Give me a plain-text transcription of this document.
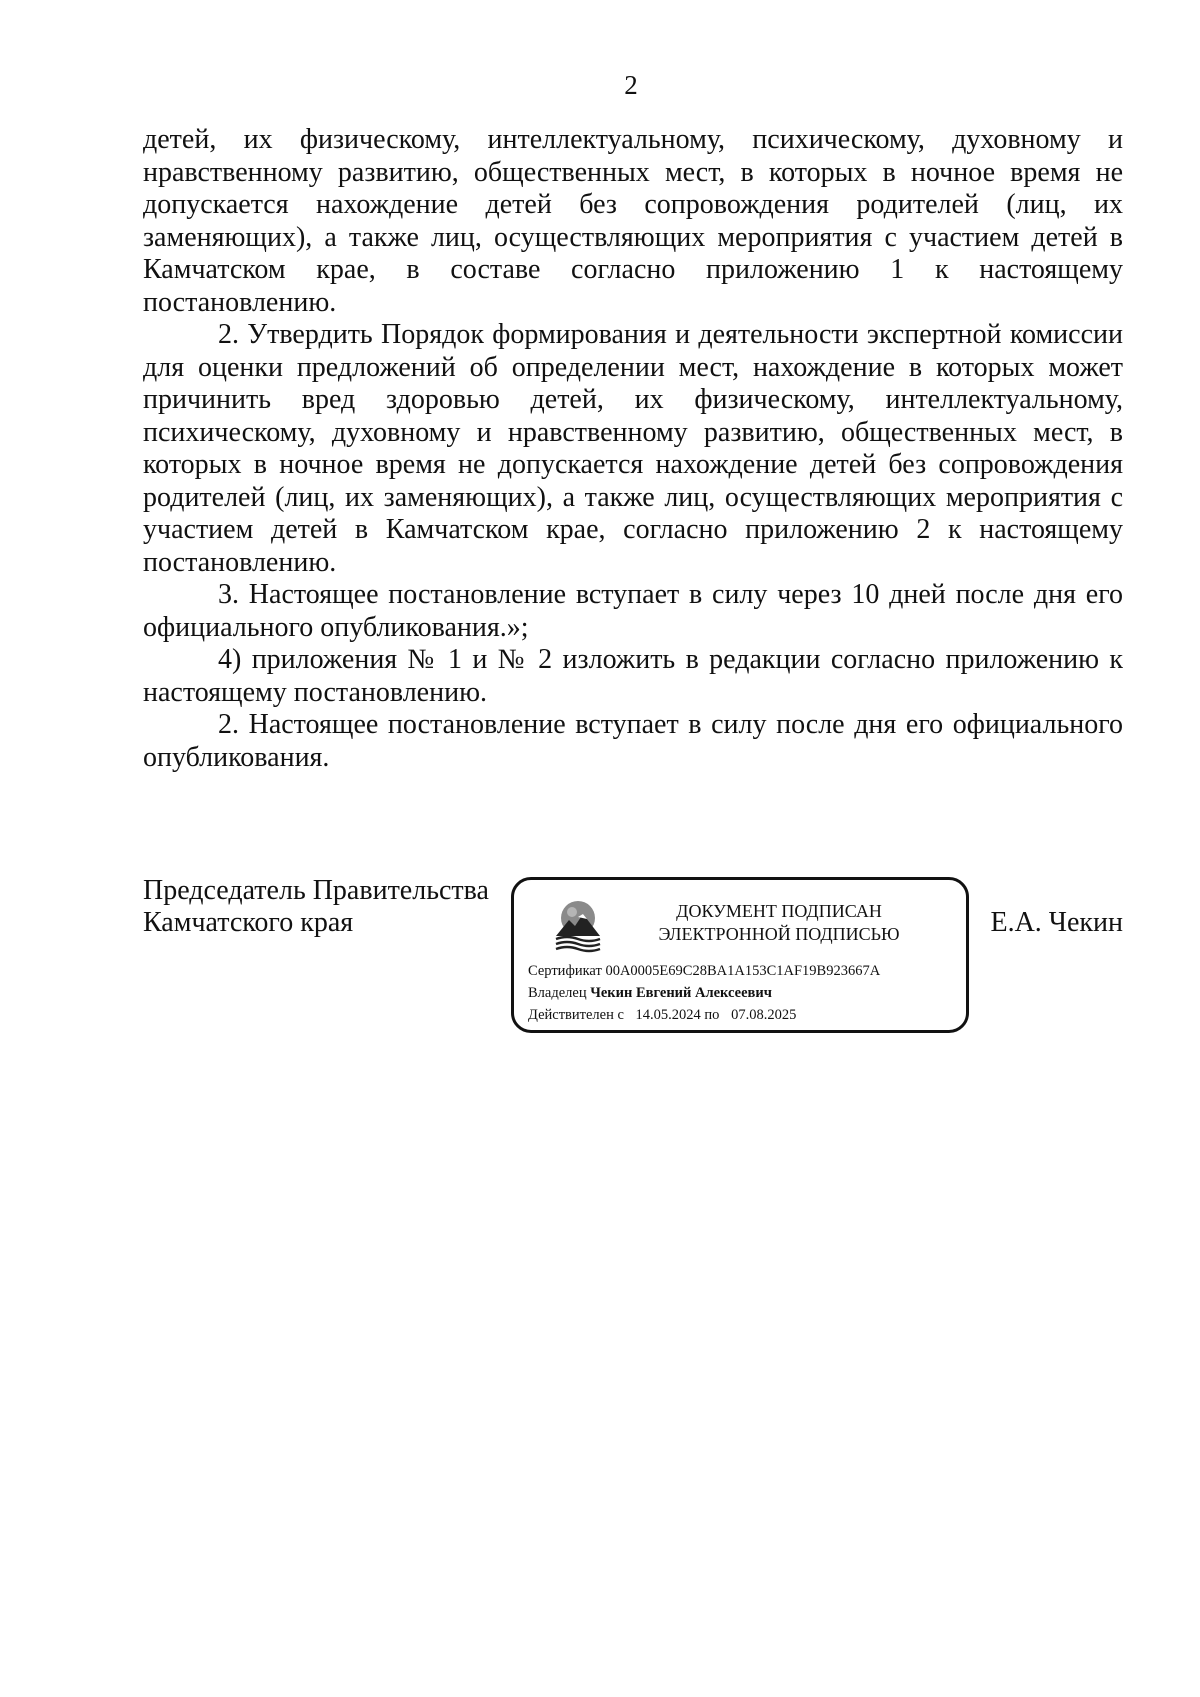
2

детей, их физическому, интеллектуальному, психическому, духовному и нравственному развитию, общественных мест, в которых в ночное время не допускается нахождение детей без сопровождения родителей (лиц, их заменяющих), а также лиц, осуществляющих мероприятия с участием детей в Камчатском крае, в составе согласно приложению 1 к настоящему постановлению.

2. Утвердить Порядок формирования и деятельности экспертной комиссии для оценки предложений об определении мест, нахождение в которых может причинить вред здоровью детей, их физическому, интеллектуальному, психическому, духовному и нравственному развитию, общественных мест, в которых в ночное время не допускается нахождение детей без сопровождения родителей (лиц, их заменяющих), а также лиц, осуществляющих мероприятия с участием детей в Камчатском крае, согласно приложению 2 к настоящему постановлению.

3. Настоящее постановление вступает в силу через 10 дней после дня его официального опубликования.»;

4) приложения № 1 и № 2 изложить в редакции согласно приложению к настоящему постановлению.

2. Настоящее постановление вступает в силу после дня его официального опубликования.

Председатель Правительства
Камчатского края	ДОКУМЕНТ ПОДПИСАН
ЭЛЕКТРОННОЙ ПОДПИСЬЮ
Сертификат 00A0005E69C28BA1A153C1AF19B923667A
Владелец Чекин Евгений Алексеевич
Действителен с 14.05.2024 по 07.08.2025
Е.А. Чекин
